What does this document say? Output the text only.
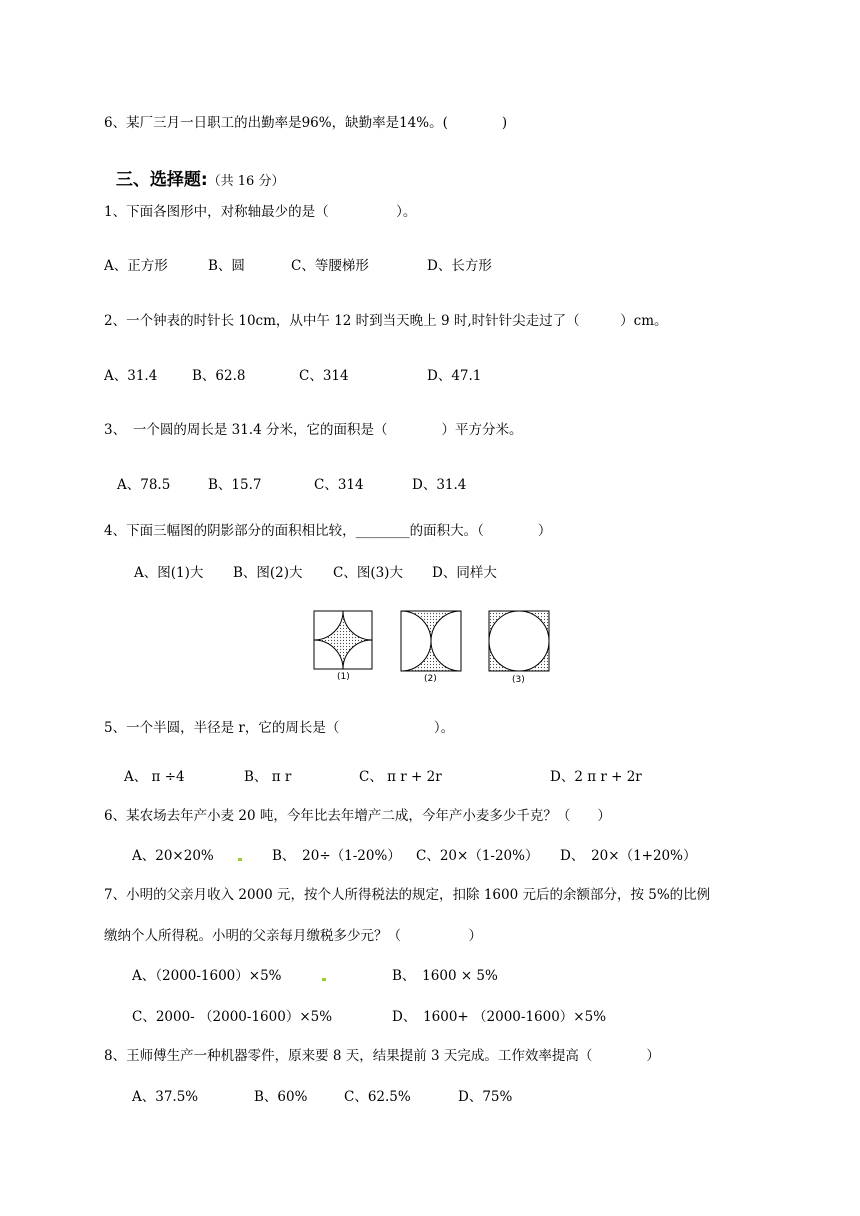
6、某厂三月一日职工的出勤率是96%，缺勤率是14%。(　　　　)

三、选择题:（共 16 分）

1、下面各图形中，对称轴最少的是（　　　　　）。
A、正方形	B、圆	C、等腰梯形	D、长方形
2、一个钟表的时针长 10cm，从中午 12 时到当天晚上 9 时,时针针尖走过了（　　　）cm。
A、31.4	B、62.8	C、314	D、47.1
3、　一个圆的周长是 31.4 分米，它的面积是（　　　　）平方分米。
A、78.5	B、15.7	C、314	D、31.4
4、下面三幅图的阴影部分的面积相比较，________的面积大。（　　　　）
A、图(1)大 B、图(2)大 C、图(3)大 D、同样大
(1)	(2)	(3)
5、一个半圆，半径是 r，它的周长是（　　　　　　　）。
A、 π ÷4	B、 π r	C、 π r + 2r	D、2 π r + 2r
6、某农场去年产小麦 20 吨，今年比去年增产二成，今年产小麦多少千克？（　　）
A、20×20%	B、　20÷（1-20%） C、20×（1-20%） D、　20×（1+20%）
7、小明的父亲月收入 2000 元，按个人所得税法的规定，扣除 1600 元后的余额部分，按 5%的比例
缴纳个人所得税。小明的父亲每月缴税多少元？（　　　　　）
A、（2000-1600）×5%	B、　1600 × 5%
C、2000- （2000-1600）×5%	D、　1600+ （2000-1600）×5%
8、王师傅生产一种机器零件，原来要 8 天，结果提前 3 天完成。工作效率提高（　　　　）
A、37.5%	B、60%	C、62.5%	D、75%
